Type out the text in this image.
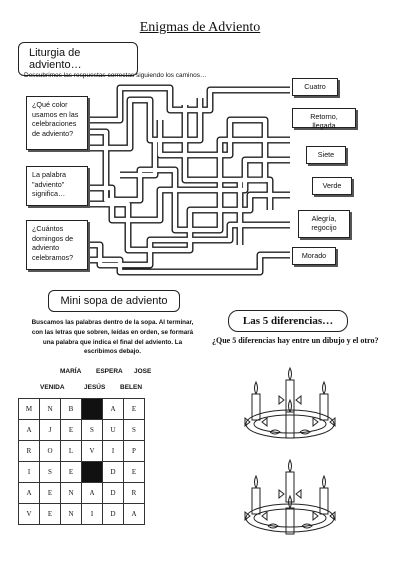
Enigmas de Adviento
Liturgia de adviento…
Descubrimos las respuestas correctas siguiendo los caminos…
¿Qué color usamos en las celebraciones de adviento?
La palabra "adviento" significa…
¿Cuántos domingos de adviento celebramos?
Cuatro
Retorno, llegada
Siete
Verde
Alegría, regocijo
Morado
Mini sopa de adviento
Buscamos las palabras dentro de la sopa. Al terminar, con las letras que sobren, leídas en orden, se formará una palabra que indica el final del adviento. La escribimos debajo.
MARÍA ESPERA JOSE
VENIDA	JESÚS BELEN
M	N	B		A	E
A	J	E	S	U	S
R	O	L	V	I	P
I	S	E		D	E
A	E	N	A	D	R
V	E	N	I	D	A
Las 5 diferencias…
¿Que 5 diferencias hay entre un dibujo y el otro?
